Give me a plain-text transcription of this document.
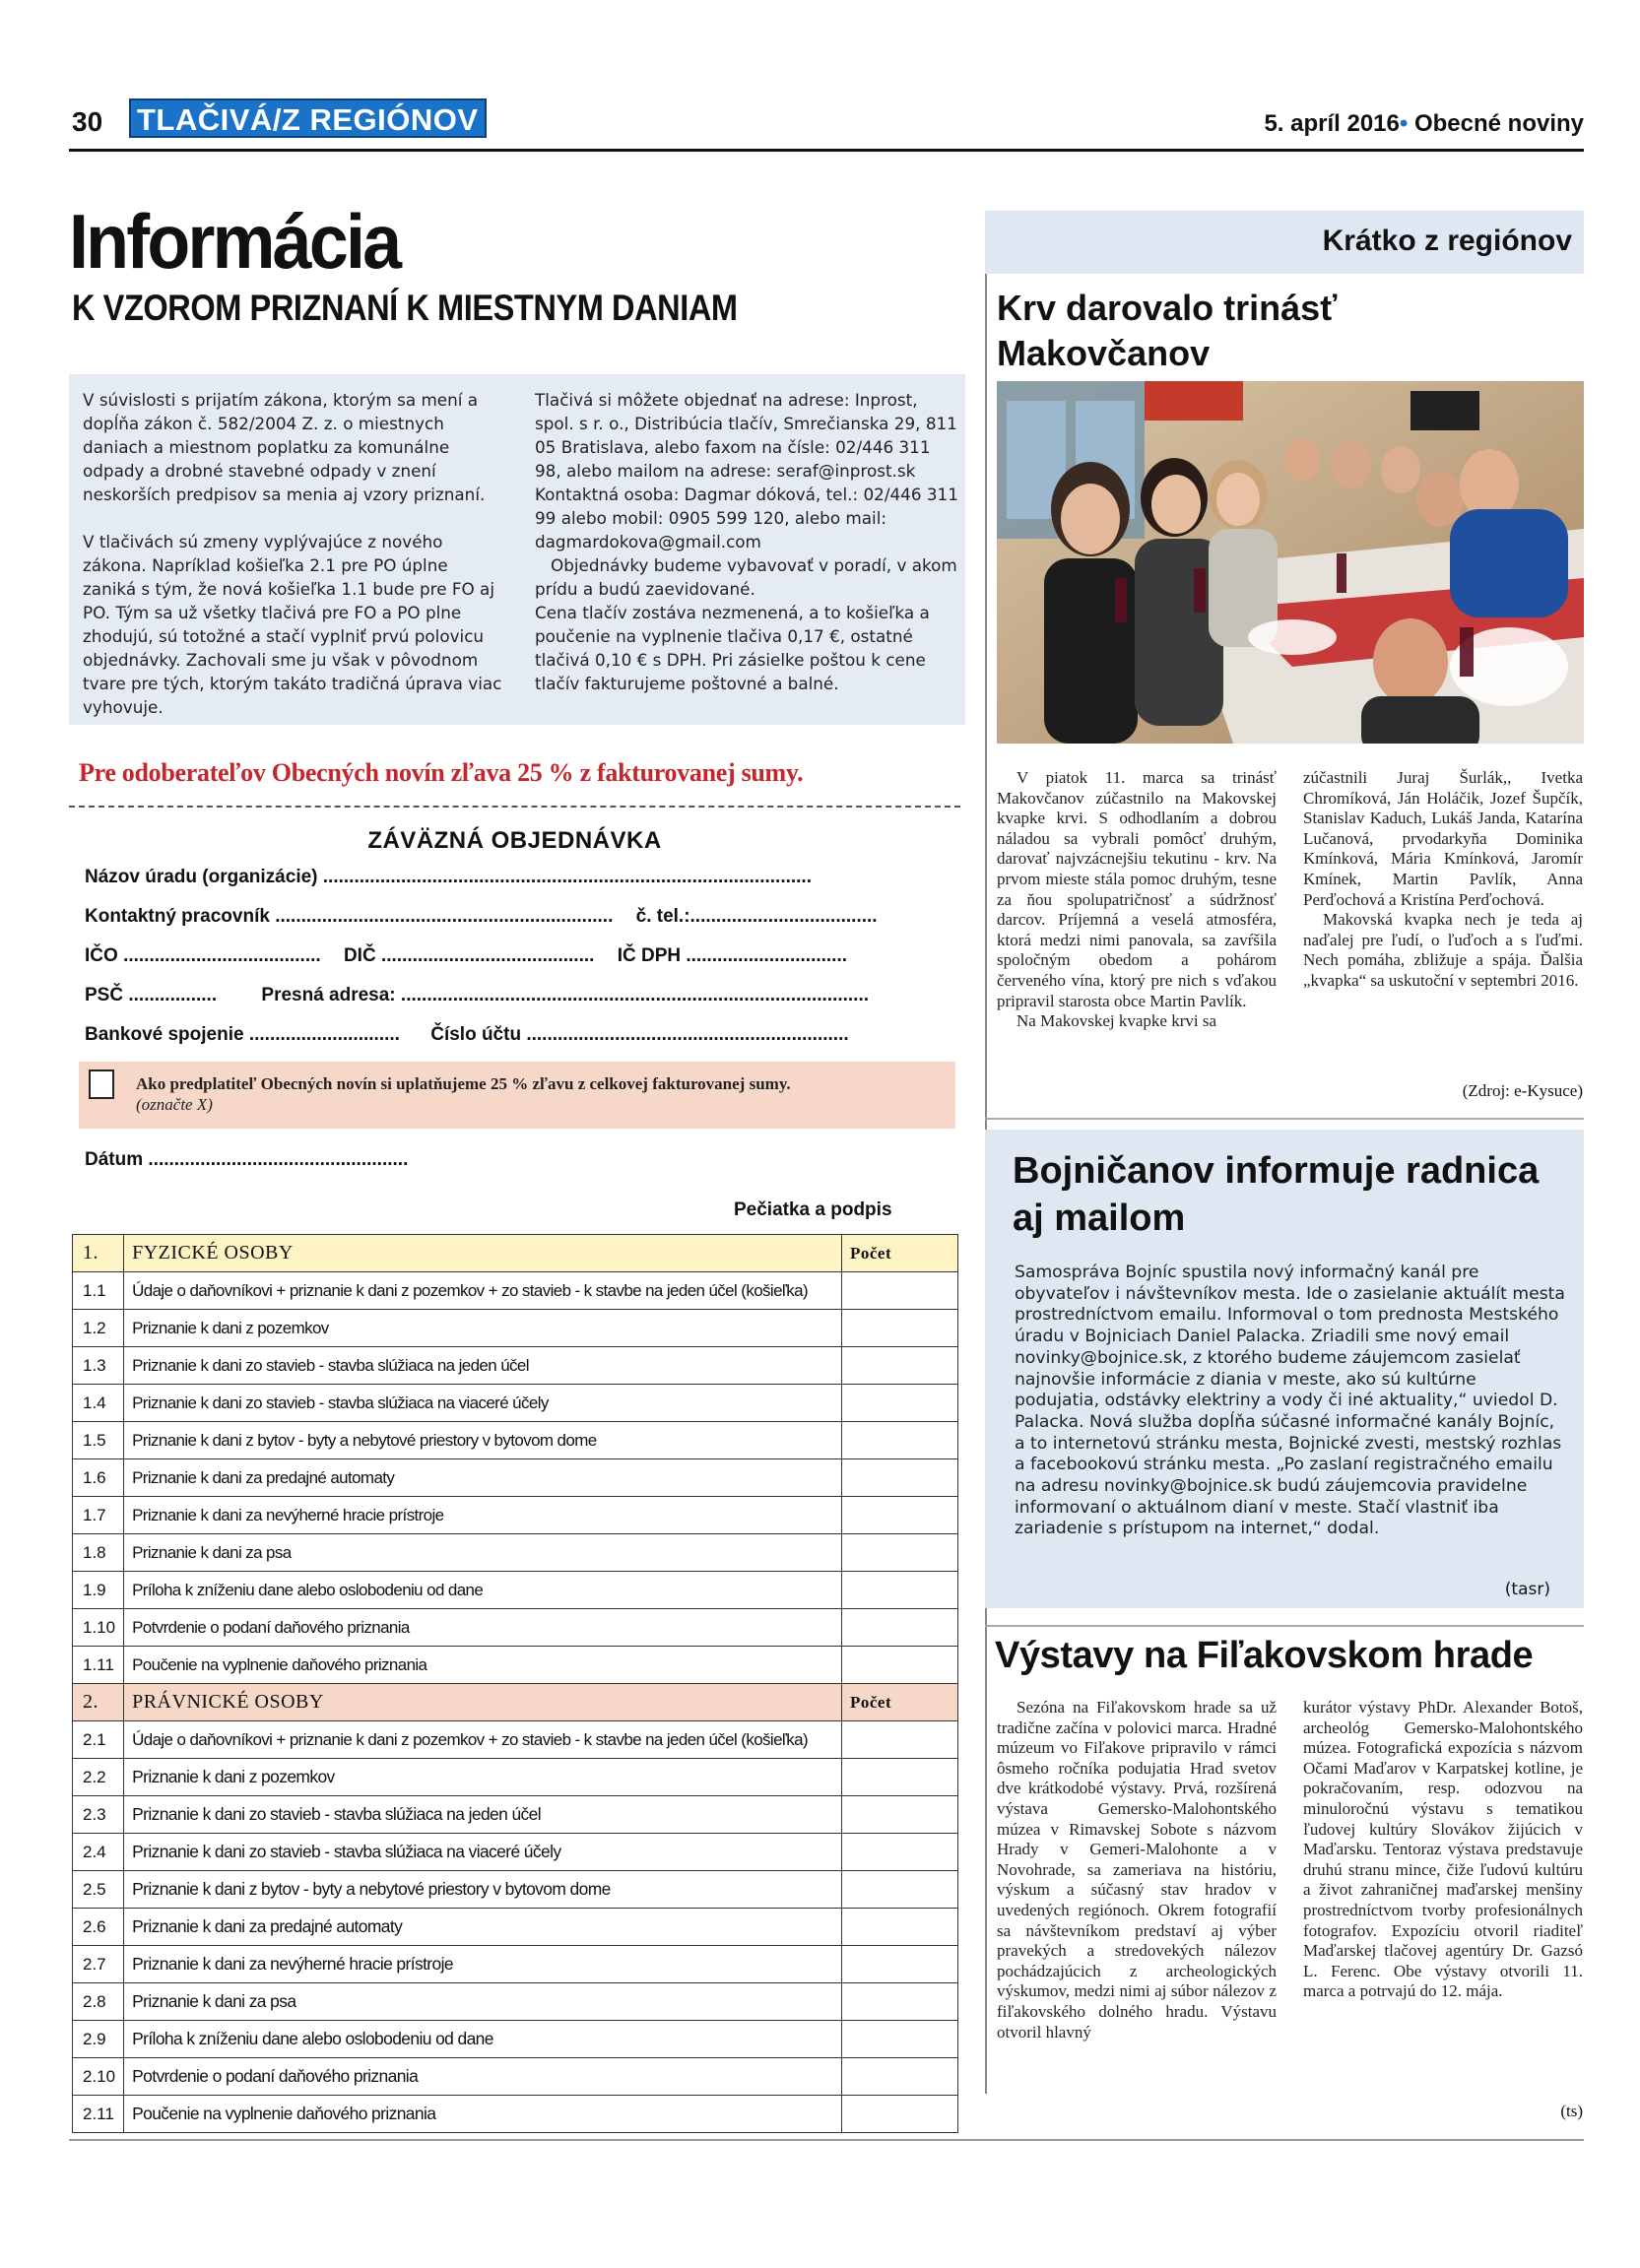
30 TLAČIVÁ/Z REGIÓNOV	5. apríl 2016• Obecné noviny
Informácia
K VZOROM PRIZNANÍ K MIESTNYM DANIAM

V súvislosti s prijatím zákona, ktorým sa mení a dopĺňa zákon č. 582/2004 Z. z. o miestnych daniach a miestnom poplatku za komunálne odpady a drobné stavebné odpady v znení neskorších predpisov sa menia aj vzory priznaní.

V tlačivách sú zmeny vyplývajúce z nového zákona. Napríklad košieľka 2.1 pre PO úplne zaniká s tým, že nová košieľka 1.1 bude pre FO aj PO. Tým sa už všetky tlačivá pre FO a PO plne zhodujú, sú totožné a stačí vyplniť prvú polovicu objednávky. Zachovali sme ju však v pôvodnom tvare pre tých, ktorým takáto tradičná úprava viac vyhovuje.

Tlačivá si môžete objednať na adrese: Inprost, spol. s r. o., Distribúcia tlačív, Smrečianska 29, 811 05 Bratislava, alebo faxom na čísle: 02/446 311 98, alebo mailom na adrese: seraf@inprost.sk Kontaktná osoba: Dagmar dóková, tel.: 02/446 311 99 alebo mobil: 0905 599 120, alebo mail: dagmardokova@gmail.com

Objednávky budeme vybavovať v poradí, v akom prídu a budú zaevidované.

Cena tlačív zostáva nezmenená, a to košieľka a poučenie na vyplnenie tlačiva 0,17 €, ostatné tlačivá 0,10 € s DPH. Pri zásielke poštou k cene tlačív fakturujeme poštovné a balné.

Pre odoberateľov Obecných novín zľava 25 % z fakturovanej sumy.
ZÁVÄZNÁ OBJEDNÁVKA
Názov úradu (organizácie) ..............................................................................................
Kontaktný pracovník ................................................................. č. tel.:....................................
IČO ...................................... DIČ ......................................... IČ DPH ...............................
PSČ ................. Presná adresa: ..........................................................................................
Bankové spojenie ............................. Číslo účtu ..............................................................
Ako predplatiteľ Obecných novín si uplatňujeme 25 % zľavu z celkovej fakturovanej sumy.
(označte X)
Dátum ..................................................
Pečiatka a podpis
1.	FYZICKÉ OSOBY	Počet
1.1	Údaje o daňovníkovi + priznanie k dani z pozemkov + zo stavieb - k stavbe na jeden účel (košieľka)	
1.2	Priznanie k dani z pozemkov	
1.3	Priznanie k dani zo stavieb - stavba slúžiaca na jeden účel	
1.4	Priznanie k dani zo stavieb - stavba slúžiaca na viaceré účely	
1.5	Priznanie k dani z bytov - byty a nebytové priestory v bytovom dome	
1.6	Priznanie k dani za predajné automaty	
1.7	Priznanie k dani za nevýherné hracie prístroje	
1.8	Priznanie k dani za psa	
1.9	Príloha k zníženiu dane alebo oslobodeniu od dane	
1.10	Potvrdenie o podaní daňového priznania	
1.11	Poučenie na vyplnenie daňového priznania	
2.	PRÁVNICKÉ OSOBY	Počet
2.1	Údaje o daňovníkovi + priznanie k dani z pozemkov + zo stavieb - k stavbe na jeden účel (košieľka)	
2.2	Priznanie k dani z pozemkov	
2.3	Priznanie k dani zo stavieb - stavba slúžiaca na jeden účel	
2.4	Priznanie k dani zo stavieb - stavba slúžiaca na viaceré účely	
2.5	Priznanie k dani z bytov - byty a nebytové priestory v bytovom dome	
2.6	Priznanie k dani za predajné automaty	
2.7	Priznanie k dani za nevýherné hracie prístroje	
2.8	Priznanie k dani za psa	
2.9	Príloha k zníženiu dane alebo oslobodeniu od dane	
2.10	Potvrdenie o podaní daňového priznania	
2.11	Poučenie na vyplnenie daňového priznania	
Krátko z regiónov
Krv darovalo trinásť
Makovčanov
V piatok 11. marca sa trinásť Makovčanov zúčastnilo na Makovskej kvapke krvi. S odhodlaním a dobrou náladou sa vybrali pomôcť druhým, darovať najvzácnejšiu tekutinu - krv. Na prvom mieste stála pomoc druhým, tesne za ňou spolupatričnosť a súdržnosť darcov. Príjemná a veselá atmosféra, ktorá medzi nimi panovala, sa zavŕšila spoločným obedom a pohárom červeného vína, ktorý pre nich s vďakou pripravil starosta obce Martin Pavlík.
Na Makovskej kvapke krvi sa
zúčastnili Juraj Šurlák,, Ivetka Chromíková, Ján Holáčik, Jozef Šupčík, Stanislav Kaduch, Lukáš Janda, Katarína Lučanová, prvodarkyňa Dominika Kmínková, Mária Kmínková, Jaromír Kmínek, Martin Pavlík, Anna Perďochová a Kristína Perďochová.
Makovská kvapka nech je teda aj naďalej pre ľudí, o ľuďoch a s ľuďmi. Nech pomáha, zbližuje a spája. Ďalšia „kvapka“ sa uskutoční v septembri 2016.
(Zdroj: e-Kysuce)
Bojničanov informuje radnica
aj mailom
Samospráva Bojníc spustila nový informačný kanál pre obyvateľov i návštevníkov mesta. Ide o zasielanie aktuálít mesta prostredníctvom emailu. Informoval o tom prednosta Mestského úradu v Bojniciach Daniel Palacka. Zriadili sme nový email novinky@bojnice.sk, z ktorého budeme záujemcom zasielať najnovšie informácie z diania v meste, ako sú kultúrne podujatia, odstávky elektriny a vody či iné aktuality,“ uviedol D. Palacka. Nová služba dopĺňa súčasné informačné kanály Bojníc, a to internetovú stránku mesta, Bojnické zvesti, mestský rozhlas a facebookovú stránku mesta. „Po zaslaní registračného emailu na adresu novinky@bojnice.sk budú záujemcovia pravidelne informovaní o aktuálnom dianí v meste. Stačí vlastniť iba zariadenie s prístupom na internet,“ dodal.
(tasr)
Výstavy na Fiľakovskom hrade
Sezóna na Fiľakovskom hrade sa už tradične začína v polovici marca. Hradné múzeum vo Fiľakove pripravilo v rámci ôsmeho ročníka podujatia Hrad svetov dve krátkodobé výstavy. Prvá, rozšírená výstava Gemersko-Malohontského múzea v Rimavskej Sobote s názvom Hrady v Gemeri-Malohonte a v Novohrade, sa zameriava na históriu, výskum a súčasný stav hradov v uvedených regiónoch. Okrem fotografií sa návštevníkom predstaví aj výber pravekých a stredovekých nálezov pochádzajúcich z archeologických výskumov, medzi nimi aj súbor nálezov z fiľakovského dolného hradu. Výstavu otvoril hlavný
kurátor výstavy PhDr. Alexander Botoš, archeológ Gemersko-Malohontského múzea. Fotografická expozícia s názvom Očami Maďarov v Karpatskej kotline, je pokračovaním, resp. odozvou na minuloročnú výstavu s tematikou ľudovej kultúry Slovákov žijúcich v Maďarsku. Tentoraz výstava predstavuje druhú stranu mince, čiže ľudovú kultúru a život zahraničnej maďarskej menšiny prostredníctvom tvorby profesionálnych fotografov. Expozíciu otvoril riaditeľ Maďarskej tlačovej agentúry Dr. Gazsó L. Ferenc. Obe výstavy otvorili 11. marca a potrvajú do 12. mája.
(ts)
